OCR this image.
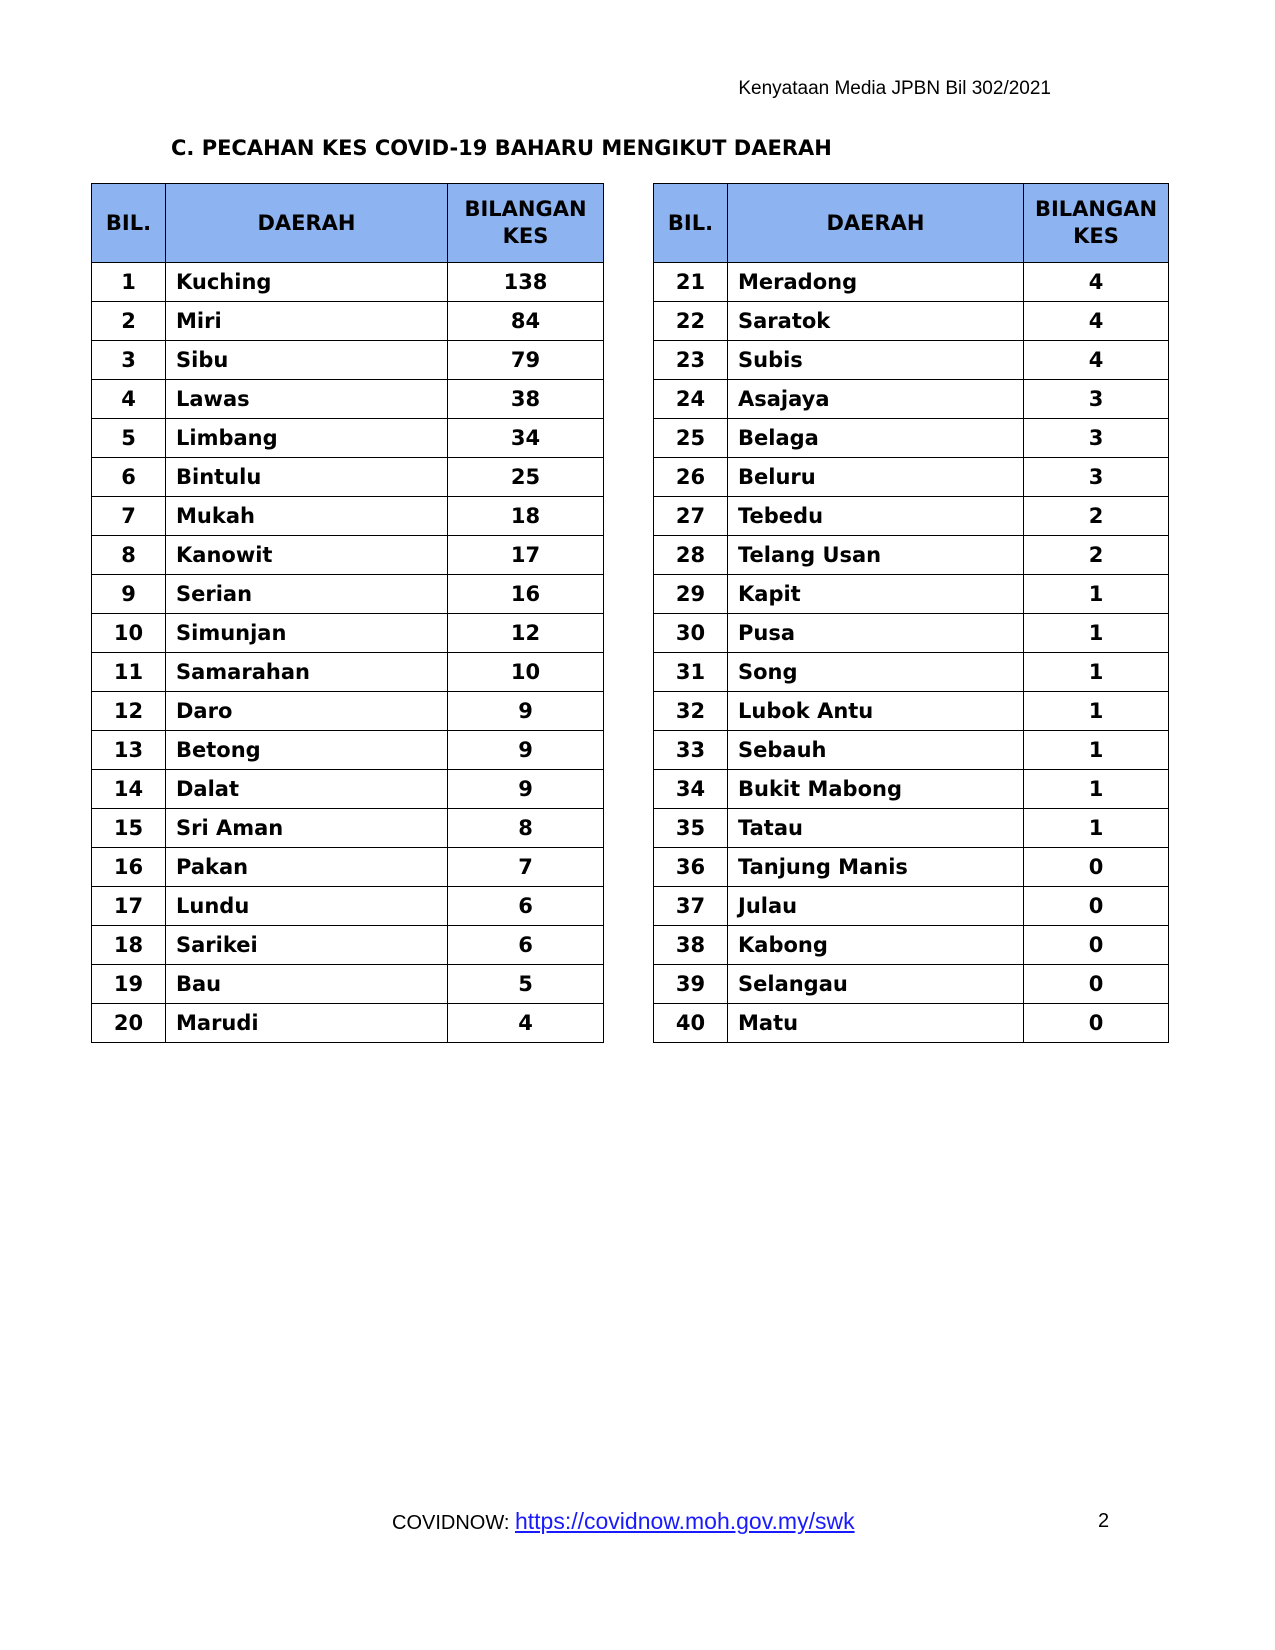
Kenyataan Media JPBN Bil 302/2021
C. PECAHAN KES COVID-19 BAHARU MENGIKUT DAERAH
BIL.	DAERAH	BILANGAN
KES
1	Kuching	138
2	Miri	84
3	Sibu	79
4	Lawas	38
5	Limbang	34
6	Bintulu	25
7	Mukah	18
8	Kanowit	17
9	Serian	16
10	Simunjan	12
11	Samarahan	10
12	Daro	9
13	Betong	9
14	Dalat	9
15	Sri Aman	8
16	Pakan	7
17	Lundu	6
18	Sarikei	6
19	Bau	5
20	Marudi	4
BIL.	DAERAH	BILANGAN
KES
21	Meradong	4
22	Saratok	4
23	Subis	4
24	Asajaya	3
25	Belaga	3
26	Beluru	3
27	Tebedu	2
28	Telang Usan	2
29	Kapit	1
30	Pusa	1
31	Song	1
32	Lubok Antu	1
33	Sebauh	1
34	Bukit Mabong	1
35	Tatau	1
36	Tanjung Manis	0
37	Julau	0
38	Kabong	0
39	Selangau	0
40	Matu	0
COVIDNOW: https://covidnow.moh.gov.my/swk	2
